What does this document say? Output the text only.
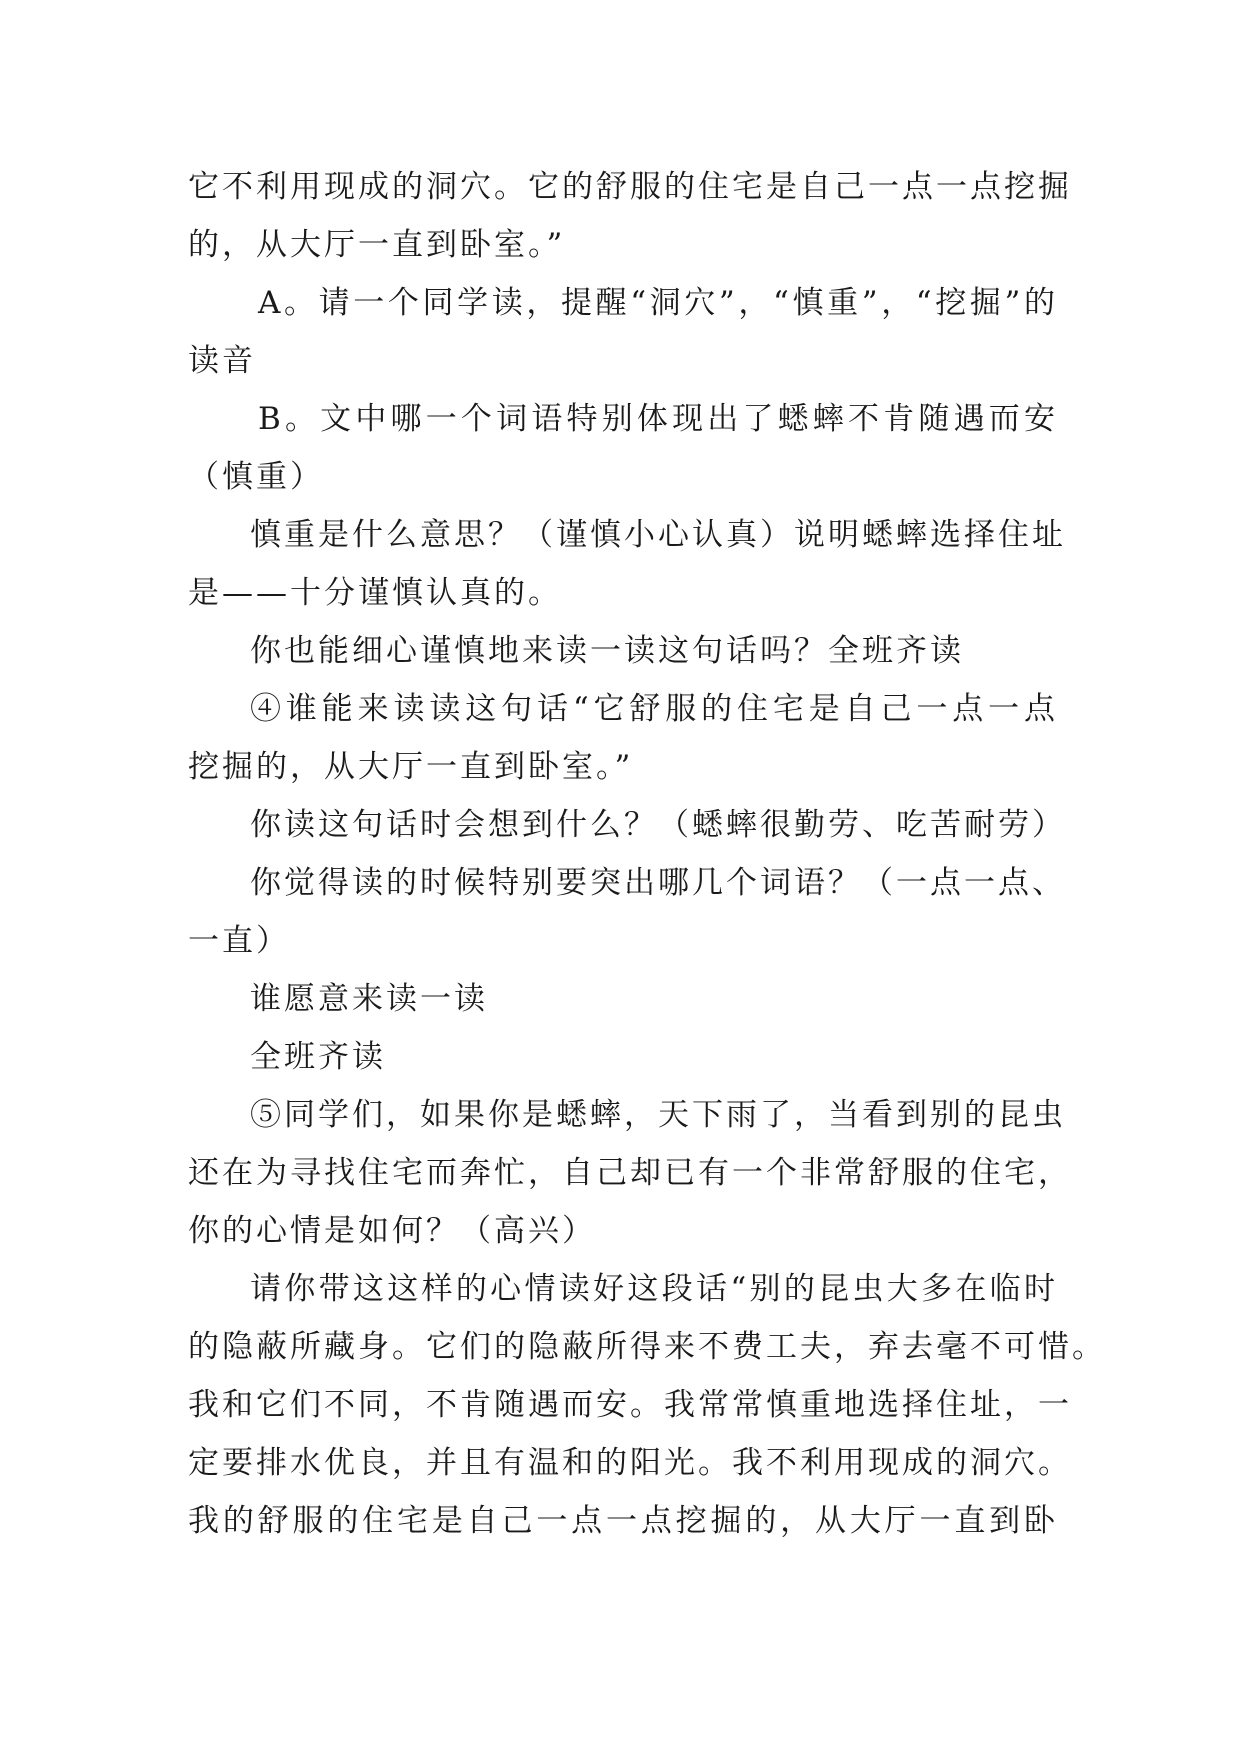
它不利用现成的洞穴。它的舒服的住宅是自己一点一点挖掘
的，从大厅一直到卧室。”
A。请一个同学读，提醒“洞穴”，“慎重”，“挖掘”的
读音
B。文中哪一个词语特别体现出了蟋蟀不肯随遇而安
（慎重）
慎重是什么意思？（谨慎小心认真）说明蟋蟀选择住址
是——十分谨慎认真的。
你也能细心谨慎地来读一读这句话吗？全班齐读
④谁能来读读这句话“它舒服的住宅是自己一点一点
挖掘的，从大厅一直到卧室。”
你读这句话时会想到什么？（蟋蟀很勤劳、吃苦耐劳）
你觉得读的时候特别要突出哪几个词语？（一点一点、
一直）
谁愿意来读一读
全班齐读
⑤同学们，如果你是蟋蟀，天下雨了，当看到别的昆虫
还在为寻找住宅而奔忙，自己却已有一个非常舒服的住宅，
你的心情是如何？（高兴）
请你带这这样的心情读好这段话“别的昆虫大多在临时
的隐蔽所藏身。它们的隐蔽所得来不费工夫，弃去毫不可惜。
我和它们不同，不肯随遇而安。我常常慎重地选择住址，一
定要排水优良，并且有温和的阳光。我不利用现成的洞穴。
我的舒服的住宅是自己一点一点挖掘的，从大厅一直到卧
